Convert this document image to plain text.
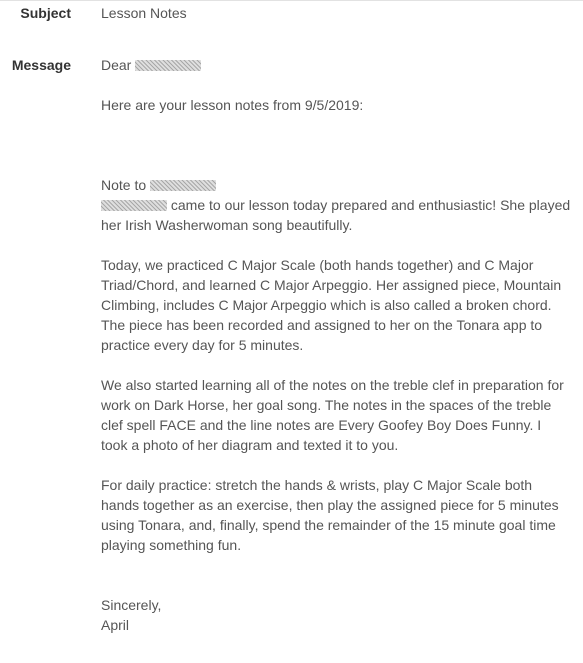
Subject Lesson Notes
Message Dear

Here are your lesson notes from 9/5/2019:

Note to

came to our lesson today prepared and enthusiastic! She played her Irish Washerwoman song beautifully.

Today, we practiced C Major Scale (both hands together) and C Major Triad/Chord, and learned C Major Arpeggio. Her assigned piece, Mountain Climbing, includes C Major Arpeggio which is also called a broken chord. The piece has been recorded and assigned to her on the Tonara app to practice every day for 5 minutes.

We also started learning all of the notes on the treble clef in preparation for work on Dark Horse, her goal song. The notes in the spaces of the treble clef spell FACE and the line notes are Every Goofey Boy Does Funny. I took a photo of her diagram and texted it to you.

For daily practice: stretch the hands & wrists, play C Major Scale both hands together as an exercise, then play the assigned piece for 5 minutes using Tonara, and, finally, spend the remainder of the 15 minute goal time playing something fun.

Sincerely,

April
